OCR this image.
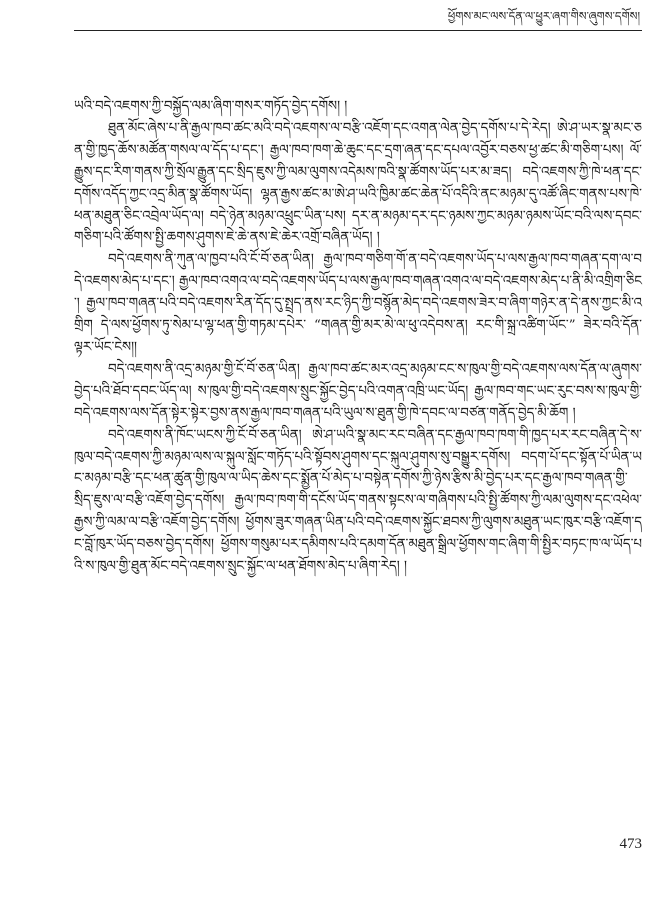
ཕྱོགས་མང་ལས་དོན་ལ་ཕྱུར་ཞག་གིས་ཞུགས་དགོས།

ཡའི་བདེ་འཇགས་ཀྱི་བསྐྱོད་ལམ་ཞིག་གསར་གཏོད་བྱེད་དགོས། །

ཐུན་མོང་ཞེས་པ་ནི་རྒྱལ་ཁབ་ཚང་མའི་བདེ་འཇགས་ལ་བརྩི་འཇོག་དང་འགན་ལེན་བྱེད་དགོས་པ་དེ་རེད། ཨེ་ཤ་ཡར་སྣ་མང་ཅན་གྱི་ཁྱད་ཆོས་མཚོན་གསལ་ལ་དོད་པ་དང་། རྒྱལ་ཁབ་ཁག་ཆེ་ཆུང་དང་དྲག་ཞན་དང་དཔལ་འབྱོར་བཅས་ཕྱ་ཚང་མི་གཅིག་པས། ལོ་རྒྱུས་དང་རིག་གནས་ཀྱི་སྲོལ་རྒྱུན་དང་སྲིད་ཇུས་ཀྱི་ལམ་ལུགས་འདེམས་ཁའི་སྣ་ཚོགས་ཡོད་པར་མ་ཟད། བདེ་འཇགས་ཀྱི་ཁེ་ཕན་དང་དགོས་འདོད་ཀྱང་འདྲ་མིན་སྣ་ཚོགས་ཡོད། ལྷན་རྒྱས་ཚང་མ་ཨེ་ཤ་ཡའི་ཁྱིམ་ཚང་ཆེན་པོ་འདིའི་ནང་མཉམ་དུ་འཚོ་ཞིང་གནས་པས་ཁེ་ཕན་མཐུན་ཅིང་འབྲེལ་ཡོད་ལ། བདེ་ཉེན་མཉམ་འཕྲུང་ཡིན་པས། དར་ན་མཉམ་དར་དང་ཉམས་ཀྱང་མཉམ་ཉམས་ཡོང་བའི་ལས་དབང་གཅིག་པའི་ཚོགས་སྤྱི་ཆགས་ཤུགས་ཇེ་ཆེ་ནས་ཇེ་ཆེར་འགྲོ་བཞིན་ཡོད། །

བདེ་འཇགས་ནི་ཀུན་ལ་ཁྱབ་པའི་ངོ་བོ་ཅན་ཡིན། རྒྱལ་ཁབ་གཅིག་གོ་ན་བདེ་འཇགས་ཡོད་པ་ལས་རྒྱལ་ཁབ་གཞན་དག་ལ་བདེ་འཇགས་མེད་པ་དང་། རྒྱལ་ཁབ་འགའ་ལ་བདེ་འཇགས་ཡོད་པ་ལས་རྒྱལ་ཁབ་གཞན་འགའ་ལ་བདེ་འཇགས་མེད་པ་ནི་མི་འགྲིག་ཅིང་། རྒྱལ་ཁབ་གཞན་པའི་བདེ་འཇགས་རིན་དོད་དུ་སྤྲད་ནས་རང་ཉིད་ཀྱི་བསྙོན་མེད་བདེ་འཇགས་ཟེར་བ་ཞིག་གཉེར་ན་དེ་ནས་ཀྱང་མི་འགྲིག དེ་ལས་ཕྱོགས་ཏུ་སེམ་པ་ལྷ་ཕན་གྱི་གཏམ་དཔེར་ “གཞན་གྱི་མར་མེ་ལ་ཕུ་འདེབས་ན། རང་གི་སྐྲ་འཚིག་ཡོང་” ཟེར་བའི་དོན་ལྟར་ཡོང་ངེས།།

བདེ་འཇགས་ནི་འདྲ་མཉམ་གྱི་ངོ་བོ་ཅན་ཡིན། རྒྱལ་ཁབ་ཚང་མར་འདྲ་མཉམ་ངང་ས་ཁུལ་གྱི་བདེ་འཇགས་ལས་དོན་ལ་ཞུགས་བྱེད་པའི་ཐོབ་དབང་ཡོད་ལ། ས་ཁུལ་གྱི་བདེ་འཇགས་སྲུང་སྐྱོང་བྱེད་པའི་འགན་འཁྲི་ཡང་ཡོད། རྒྱལ་ཁབ་གང་ཡང་རུང་བས་ས་ཁུལ་གྱི་བདེ་འཇགས་ལས་དོན་སྟེར་སྟེར་བྱས་ནས་རྒྱལ་ཁབ་གཞན་པའི་ཡུལ་ས་ཐུན་གྱི་ཁེ་དབང་ལ་བཙན་གནོད་བྱེད་མི་ཆོག །

བདེ་འཇགས་ནི་ཁོང་ཡངས་ཀྱི་ངོ་བོ་ཅན་ཡིན། ཨེ་ཤ་ཡའི་སྣ་མང་རང་བཞིན་དང་རྒྱལ་ཁབ་ཁག་གི་ཁྱད་པར་རང་བཞིན་དེ་ས་ཁུལ་བདེ་འཇགས་ཀྱི་མཉམ་ལས་ལ་སྐུལ་སློང་གཏོད་པའི་སྟོབས་ཤུགས་དང་སྐུལ་ཤུགས་སུ་བསྒྱུར་དགོས། བདག་པོ་དང་སྟོན་པོ་ཡིན་ཡང་མཉམ་བརྩི་དང་ཕན་ཚུན་གྱི་ཁུལ་ལ་ཡིད་ཆེས་དང་སྨྱོན་པོ་མེད་པ་བསྟེན་དགོས་ཀྱི་ཉེས་རྩིས་མི་བྱེད་པར་དང་རྒྱལ་ཁབ་གཞན་གྱི་སྲིད་ཇུས་ལ་བརྩི་འཇོག་བྱེད་དགོས། རྒྱལ་ཁབ་ཁག་གི་དངོས་ཡོད་གནས་སྟངས་ལ་གཞིགས་པའི་སྤྱི་ཚོགས་ཀྱི་ལམ་ལུགས་དང་འཕེལ་རྒྱས་ཀྱི་ལམ་ལ་བརྩི་འཇོག་བྱེད་དགོས། ཕྱོགས་ཟུར་གཞན་ཡིན་པའི་བདེ་འཇགས་སྐྱོང་ཐབས་ཀྱི་ལུགས་མཐུན་ཡང་ཁུར་བརྩི་འཇོག་དང་བློ་ཁུར་ཡོད་བཅས་བྱེད་དགོས། ཕྱོགས་གསུམ་པར་དམིགས་པའི་དམག་དོན་མཐུན་སྒྲིལ་ཕྱོགས་གང་ཞིག་གི་སྤྱིར་བཏང་ཁ་ལ་ཡོད་པའི་ས་ཁུལ་གྱི་ཐུན་མོང་བདེ་འཇགས་སྲུང་སྐྱོང་ལ་ཕན་ཐོགས་མེད་པ་ཞིག་རེད། །

473
